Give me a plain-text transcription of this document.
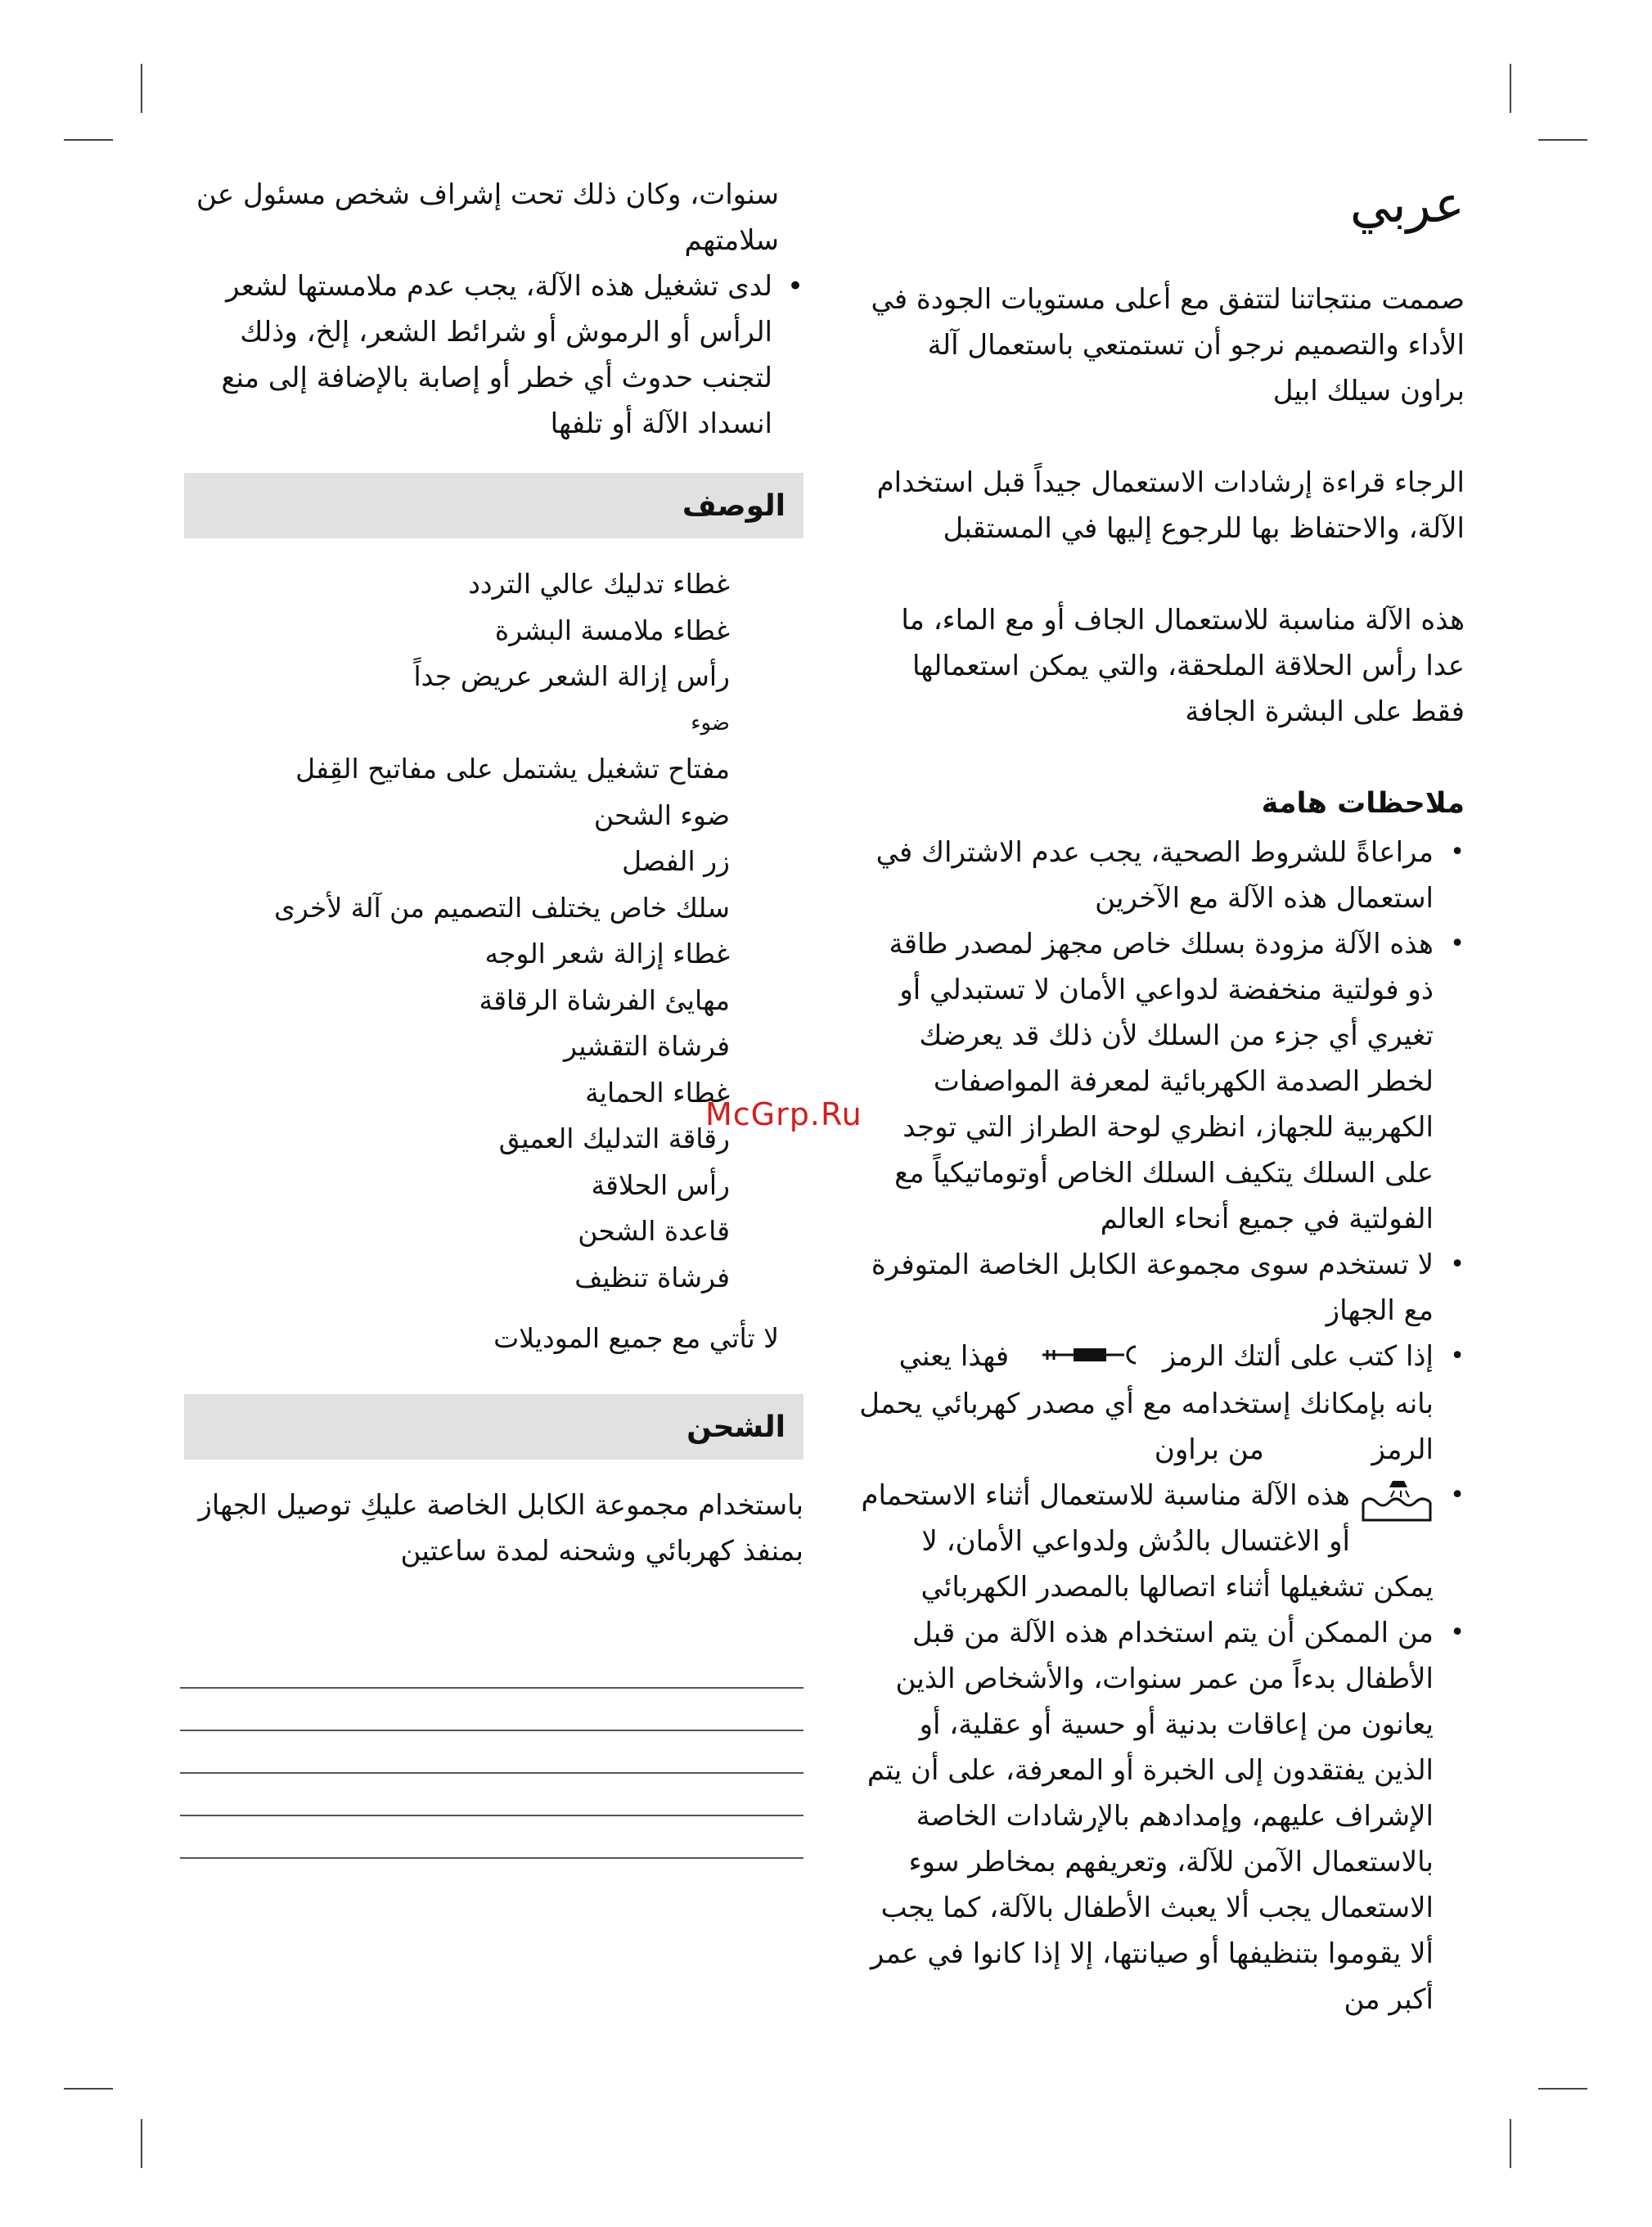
عربي

صممت منتجاتنا لتتفق مع أعلى مستويات الجودة في الأداء والتصميم نرجو أن تستمتعي باستعمال آلة براون سيلك ابيل

الرجاء قراءة إرشادات الاستعمال جيداً قبل استخدام الآلة، والاحتفاظ بها للرجوع إليها في المستقبل

هذه الآلة مناسبة للاستعمال الجاف أو مع الماء، ما عدا رأس الحلاقة الملحقة، والتي يمكن استعمالها فقط على البشرة الجافة

ملاحظات هامة
• مراعاةً للشروط الصحية، يجب عدم الاشتراك في استعمال هذه الآلة مع الآخرين
• هذه الآلة مزودة بسلك خاص مجهز لمصدر طاقة ذو فولتية منخفضة لدواعي الأمان لا تستبدلي أو تغيري أي جزء من السلك لأن ذلك قد يعرضك لخطر الصدمة الكهربائية لمعرفة المواصفات الكهربية للجهاز، انظري لوحة الطراز التي توجد على السلك يتكيف السلك الخاص أوتوماتيكياً مع الفولتية في جميع أنحاء العالم
• لا تستخدم سوى مجموعة الكابل الخاصة المتوفرة مع الجهاز
• إذا كتب على ألتك الرمز  فهذا يعني بانه بإمكانك إستخدامه مع أي مصدر كهربائي يحمل الرمز  من براون
• هذه الآلة مناسبة للاستعمال أثناء الاستحمام أو الاغتسال بالدُش ولدواعي الأمان، لا يمكن تشغيلها أثناء اتصالها بالمصدر الكهربائي
• من الممكن أن يتم استخدام هذه الآلة من قبل الأطفال بدءاً من عمر سنوات، والأشخاص الذين يعانون من إعاقات بدنية أو حسية أو عقلية، أو الذين يفتقدون إلى الخبرة أو المعرفة، على أن يتم الإشراف عليهم، وإمدادهم بالإرشادات الخاصة بالاستعمال الآمن للآلة، وتعريفهم بمخاطر سوء الاستعمال يجب ألا يعبث الأطفال بالآلة، كما يجب ألا يقوموا بتنظيفها أو صيانتها، إلا إذا كانوا في عمر أكبر من

سنوات، وكان ذلك تحت إشراف شخص مسئول عن سلامتهم

• لدى تشغيل هذه الآلة، يجب عدم ملامستها لشعر الرأس أو الرموش أو شرائط الشعر، إلخ، وذلك لتجنب حدوث أي خطر أو إصابة بالإضافة إلى منع انسداد الآلة أو تلفها

الوصف
غطاء تدليك عالي التردد
غطاء ملامسة البشرة
رأس إزالة الشعر عريض جداً
ضوء
مفتاح تشغيل يشتمل على مفاتيح القِفل
ضوء الشحن
زر الفصل
سلك خاص يختلف التصميم من آلة لأخرى
غطاء إزالة شعر الوجه
مهايئ الفرشاة الرقاقة
فرشاة التقشير
غطاء الحماية
رقاقة التدليك العميق
رأس الحلاقة
قاعدة الشحن
فرشاة تنظيف

لا تأتي مع جميع الموديلات

الشحن

باستخدام مجموعة الكابل الخاصة عليكِ توصيل الجهاز بمنفذ كهربائي وشحنه لمدة ساعتين

McGrp.Ru
